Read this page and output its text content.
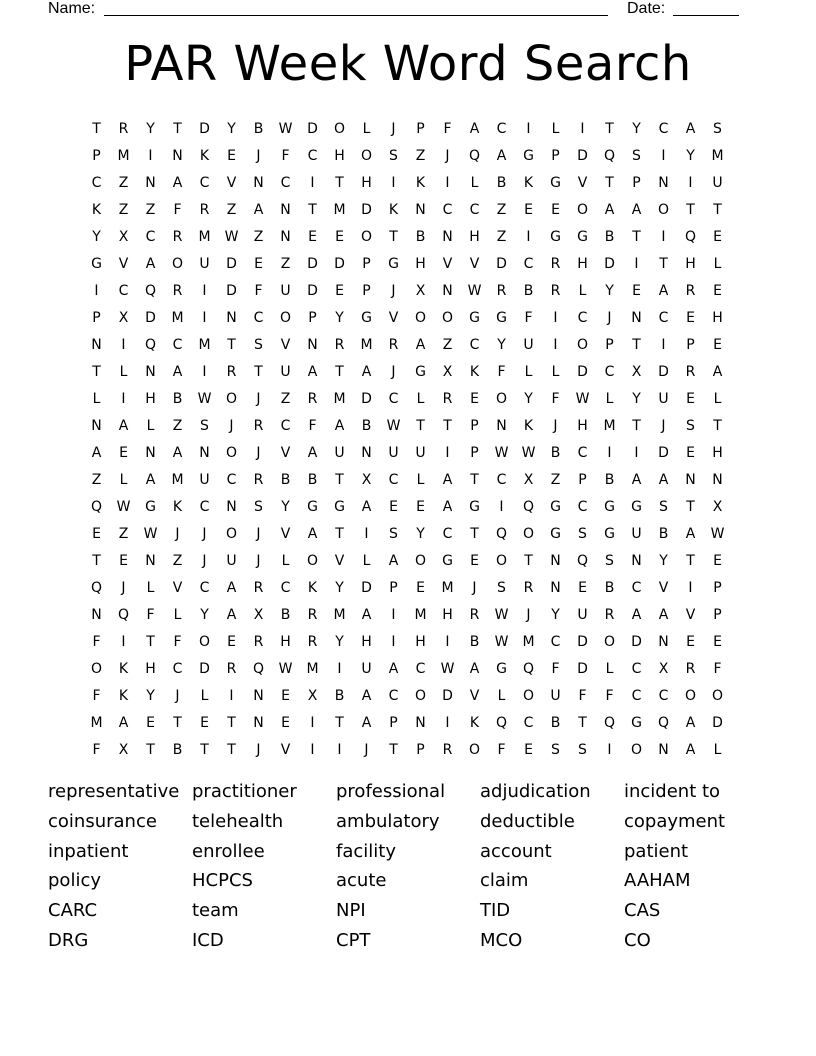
Name:	Date:
PAR Week Word Search
T	R	Y	T	D	Y	B	W	D	O	L	J	P	F	A	C	I	L	I	T	Y	C	A	S
P	M	I	N	K	E	J	F	C	H	O	S	Z	J	Q	A	G	P	D	Q	S	I	Y	M
C	Z	N	A	C	V	N	C	I	T	H	I	K	I	L	B	K	G	V	T	P	N	I	U
K	Z	Z	F	R	Z	A	N	T	M	D	K	N	C	C	Z	E	E	O	A	A	O	T	T
Y	X	C	R	M	W	Z	N	E	E	O	T	B	N	H	Z	I	G	G	B	T	I	Q	E
G	V	A	O	U	D	E	Z	D	D	P	G	H	V	V	D	C	R	H	D	I	T	H	L
I	C	Q	R	I	D	F	U	D	E	P	J	X	N	W	R	B	R	L	Y	E	A	R	E
P	X	D	M	I	N	C	O	P	Y	G	V	O	O	G	G	F	I	C	J	N	C	E	H
N	I	Q	C	M	T	S	V	N	R	M	R	A	Z	C	Y	U	I	O	P	T	I	P	E
T	L	N	A	I	R	T	U	A	T	A	J	G	X	K	F	L	L	D	C	X	D	R	A
L	I	H	B	W	O	J	Z	R	M	D	C	L	R	E	O	Y	F	W	L	Y	U	E	L
N	A	L	Z	S	J	R	C	F	A	B	W	T	T	P	N	K	J	H	M	T	J	S	T
A	E	N	A	N	O	J	V	A	U	N	U	U	I	P	W W	B	C	I	I	D	E	H
Z	L	A	M	U	C	R	B	B	T	X	C	L	A	T	C	X	Z	P	B	A	A	N	N
Q	W	G	K	C	N	S	Y	G	G	A	E	E	A	G	I	Q	G	C	G	G	S	T	X
E	Z	W	J	J	O	J	V	A	T	I	S	Y	C	T	Q	O	G	S	G	U	B	A	W
T	E	N	Z	J	U	J	L	O	V	L	A	O	G	E	O	T	N	Q	S	N	Y	T	E
Q	J	L	V	C	A	R	C	K	Y	D	P	E	M	J	S	R	N	E	B	C	V	I	P
N	Q	F	L	Y	A	X	B	R	M	A	I	M	H	R	W	J	Y	U	R	A	A	V	P
F	I	T	F	O	E	R	H	R	Y	H	I	H	I	B	W	M	C	D	O	D	N	E	E
O	K	H	C	D	R	Q	W	M	I	U	A	C	W	A	G	Q	F	D	L	C	X	R	F
F	K	Y	J	L	I	N	E	X	B	A	C	O	D	V	L	O	U	F	F	C	C	O	O
M	A	E	T	E	T	N	E	I	T	A	P	N	I	K	Q	C	B	T	Q	G	Q	A	D
F	X	T	B	T	T	J	V	I	I	J	T	P	R	O	F	E	S	S	I	O	N	A	L
representative practitioner	professional	adjudication	incident to
coinsurance	telehealth	ambulatory	deductible	copayment
inpatient	enrollee	facility	account	patient
policy	HCPCS	acute	claim	AAHAM
CARC	team	NPI	TID	CAS
DRG	ICD	CPT	MCO	CO
